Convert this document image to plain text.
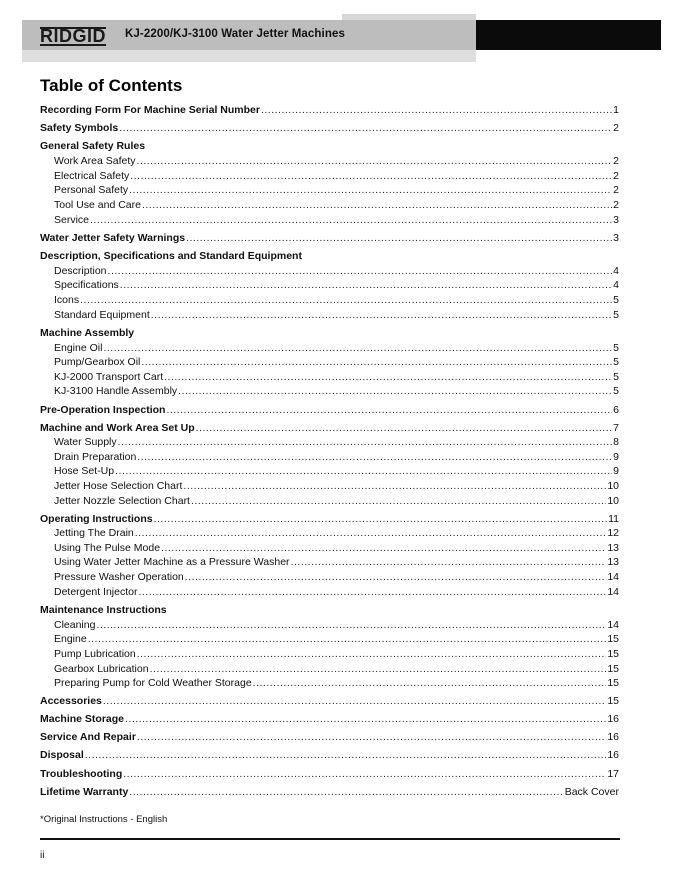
RIDGID KJ-2200/KJ-3100 Water Jetter Machines
Table of Contents
Recording Form For Machine Serial Number .....	1
Safety Symbols .....	2
General Safety Rules
Work Area Safety .....	2
Electrical Safety .....	2
Personal Safety .....	2
Tool Use and Care .....	2
Service .....	3
Water Jetter Safety Warnings .....	3
Description, Specifications and Standard Equipment
Description .....	4
Specifications .....	4
Icons .....	5
Standard Equipment .....	5
Machine Assembly
Engine Oil .....	5
Pump/Gearbox Oil .....	5
KJ-2000 Transport Cart .....	5
KJ-3100 Handle Assembly .....	5
Pre-Operation Inspection .....	6
Machine and Work Area Set Up .....	7
Water Supply .....	8
Drain Preparation .....	9
Hose Set-Up .....	9
Jetter Hose Selection Chart .....	10
Jetter Nozzle Selection Chart .....	10
Operating Instructions .....	11
Jetting The Drain .....	12
Using The Pulse Mode .....	13
Using Water Jetter Machine as a Pressure Washer .....	13
Pressure Washer Operation .....	14
Detergent Injector .....	14
Maintenance Instructions
Cleaning .....	14
Engine .....	15
Pump Lubrication .....	15
Gearbox Lubrication .....	15
Preparing Pump for Cold Weather Storage .....	15
Accessories .....	15
Machine Storage .....	16
Service And Repair .....	16
Disposal .....	16
Troubleshooting .....	17
Lifetime Warranty .....	Back Cover
*Original Instructions - English
ii
